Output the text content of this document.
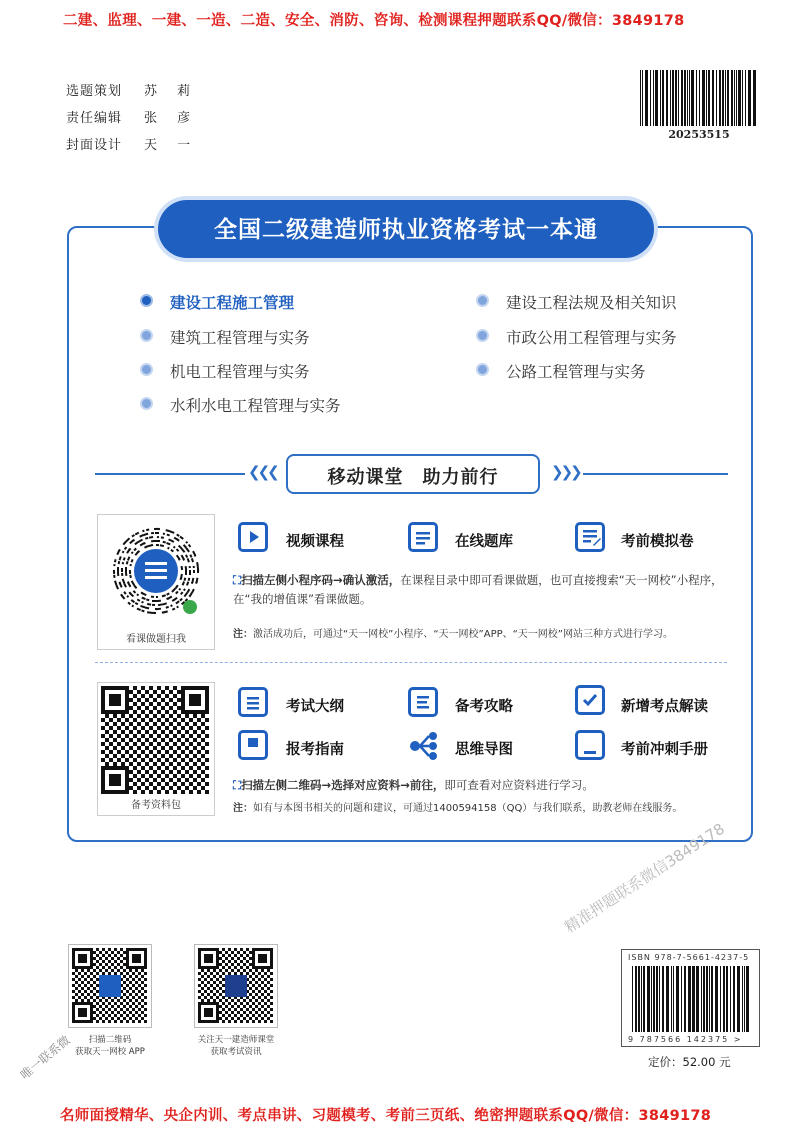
二建、监理、一建、一造、二造、安全、消防、咨询、检测课程押题联系QQ/微信：3849178
选题策划 苏 莉
责任编辑 张 彦
封面设计 天 一
20253515
全国二级建造师执业资格考试一本通
建设工程施工管理
建筑工程管理与实务
机电工程管理与实务
水利水电工程管理与实务
建设工程法规及相关知识
市政公用工程管理与实务
公路工程管理与实务
❮❮❮	移动课堂　助力前行	❯❯❯
看课做题扫我
视频课程	在线题库	考前模拟卷
⛶扫描左侧小程序码→确认激活，在课程目录中即可看课做题，也可直接搜索“天一网校”小程序，在“我的增值课”看课做题。
注：激活成功后，可通过“天一网校”小程序、“天一网校”APP、“天一网校”网站三种方式进行学习。
备考资料包
考试大纲	备考攻略	新增考点解读
报考指南	思维导图	考前冲刺手册
⛶扫描左侧二维码→选择对应资料→前往，即可查看对应资料进行学习。
注：如有与本图书相关的问题和建议，可通过1400594158（QQ）与我们联系，助教老师在线服务。
精准押题联系微信3849178
唯一联系微	扫描二维码
获取天一网校 APP
关注天一建造师课堂
获取考试资讯
ISBN 978-7-5661-4237-5
9 787566 142375 >
定价：52.00 元
名师面授精华、央企内训、考点串讲、习题模考、考前三页纸、绝密押题联系QQ/微信：3849178
